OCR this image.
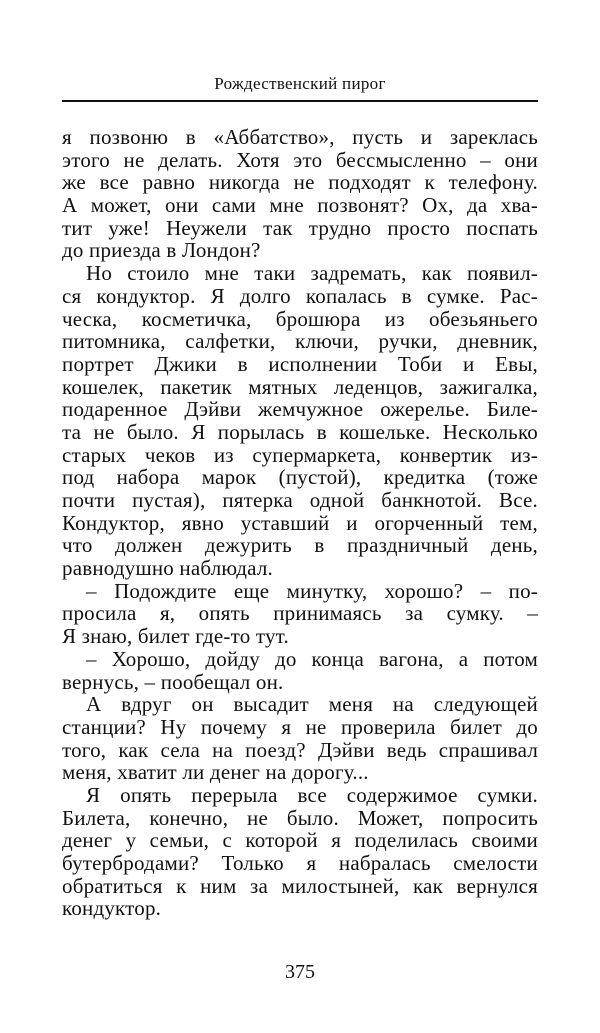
Рождественский пирог
я позвоню в «Аббатство», пусть и зареклась
этого не делать. Хотя это бессмысленно – они
же все равно никогда не подходят к телефону.
А может, они сами мне позвонят? Ох, да хва-
тит уже! Неужели так трудно просто поспать
до приезда в Лондон?
Но стоило мне таки задремать, как появил-
ся кондуктор. Я долго копалась в сумке. Рас-
ческа, косметичка, брошюра из обезьяньего
питомника, салфетки, ключи, ручки, дневник,
портрет Джики в исполнении Тоби и Евы,
кошелек, пакетик мятных леденцов, зажигалка,
подаренное Дэйви жемчужное ожерелье. Биле-
та не было. Я порылась в кошельке. Несколько
старых чеков из супермаркета, конвертик из-
под набора марок (пустой), кредитка (тоже
почти пустая), пятерка одной банкнотой. Все.
Кондуктор, явно уставший и огорченный тем,
что должен дежурить в праздничный день,
равнодушно наблюдал.
– Подождите еще минутку, хорошо? – по-
просила я, опять принимаясь за сумку. –
Я знаю, билет где-то тут.
– Хорошо, дойду до конца вагона, а потом
вернусь, – пообещал он.
А вдруг он высадит меня на следующей
станции? Ну почему я не проверила билет до
того, как села на поезд? Дэйви ведь спрашивал
меня, хватит ли денег на дорогу...
Я опять перерыла все содержимое сумки.
Билета, конечно, не было. Может, попросить
денег у семьи, с которой я поделилась своими
бутербродами? Только я набралась смелости
обратиться к ним за милостыней, как вернулся
кондуктор.
375
